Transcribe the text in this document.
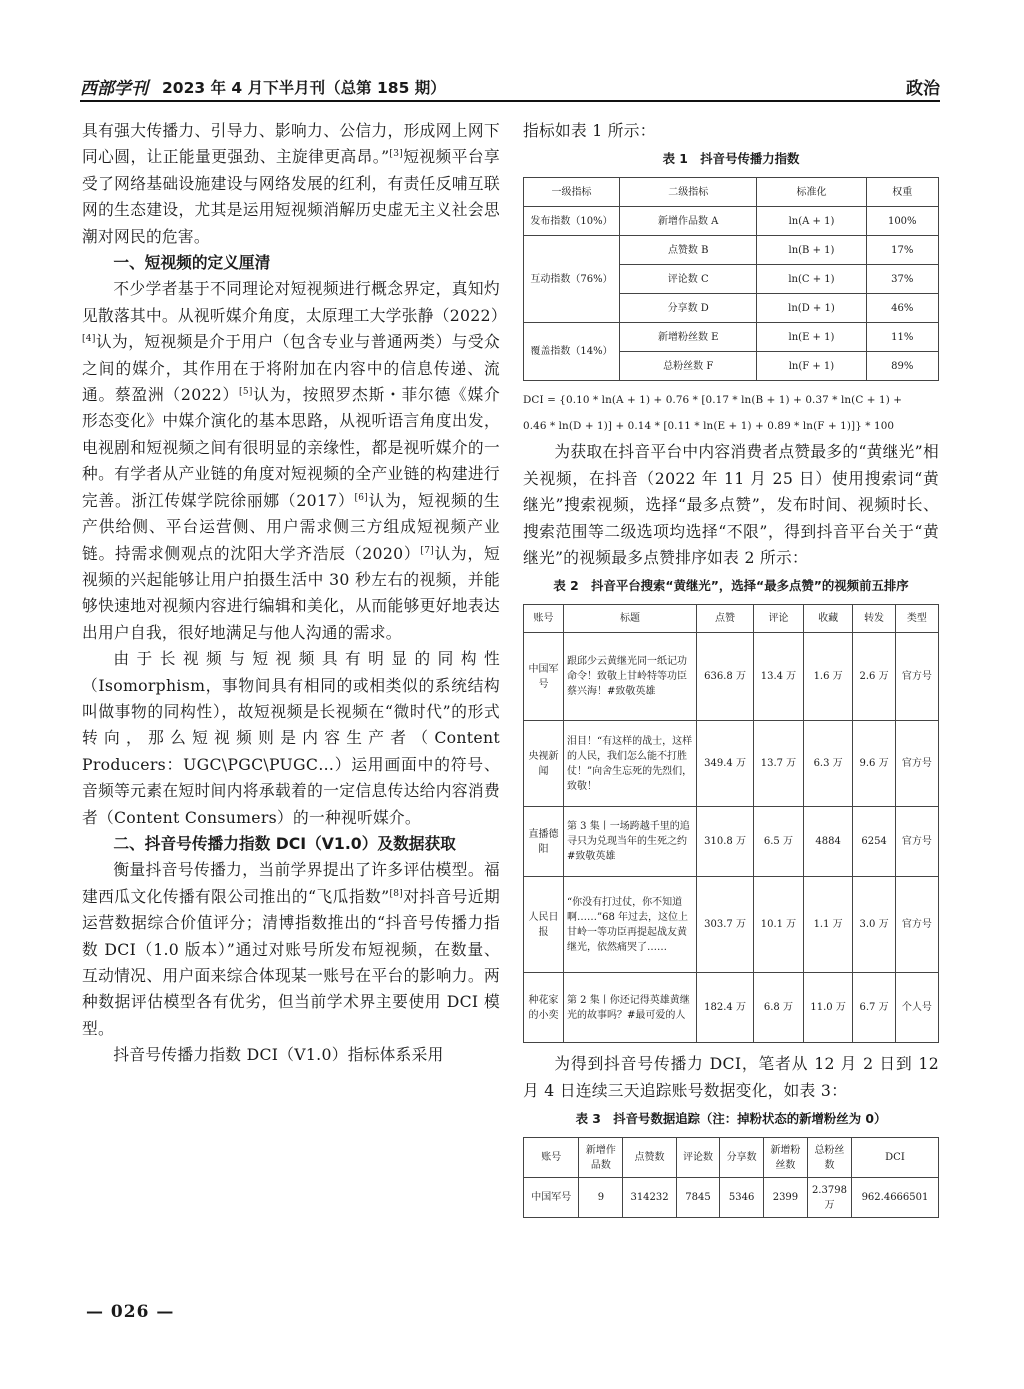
西部学刊 2023 年 4 月下半月刊（总第 185 期）	政治

具有强大传播力、引导力、影响力、公信力，形成网上网下同心圆，让正能量更强劲、主旋律更高昂。”[3]短视频平台享受了网络基础设施建设与网络发展的红利，有责任反哺互联网的生态建设，尤其是运用短视频消解历史虚无主义社会思潮对网民的危害。

一、短视频的定义厘清

不少学者基于不同理论对短视频进行概念界定，真知灼见散落其中。从视听媒介角度，太原理工大学张静（2022）[4]认为，短视频是介于用户（包含专业与普通两类）与受众之间的媒介，其作用在于将附加在内容中的信息传递、流通。蔡盈洲（2022）[5]认为，按照罗杰斯・菲尔德《媒介形态变化》中媒介演化的基本思路，从视听语言角度出发，电视剧和短视频之间有很明显的亲缘性，都是视听媒介的一种。有学者从产业链的角度对短视频的全产业链的构建进行完善。浙江传媒学院徐丽娜（2017）[6]认为，短视频的生产供给侧、平台运营侧、用户需求侧三方组成短视频产业链。持需求侧观点的沈阳大学齐浩辰（2020）[7]认为，短视频的兴起能够让用户拍摄生活中 30 秒左右的视频，并能够快速地对视频内容进行编辑和美化，从而能够更好地表达出用户自我，很好地满足与他人沟通的需求。

由于长视频与短视频具有明显的同构性（Isomorphism，事物间具有相同的或相类似的系统结构叫做事物的同构性），故短视频是长视频在“微时代”的形式转向，那么短视频则是内容生产者（Content Producers：UGC\PGC\PUGC…）运用画面中的符号、音频等元素在短时间内将承载着的一定信息传达给内容消费者（Content Consumers）的一种视听媒介。

二、抖音号传播力指数 DCI（V1.0）及数据获取

衡量抖音号传播力，当前学界提出了许多评估模型。福建西瓜文化传播有限公司推出的“飞瓜指数”[8]对抖音号近期运营数据综合价值评分；清博指数推出的“抖音号传播力指数 DCI（1.0 版本）”通过对账号所发布短视频，在数量、互动情况、用户面来综合体现某一账号在平台的影响力。两种数据评估模型各有优劣，但当前学术界主要使用 DCI 模型。

抖音号传播力指数 DCI（V1.0）指标体系采用

指标如表 1 所示：

表 1　抖音号传播力指数

一级指标	二级指标	标准化	权重
发布指数（10%）	新增作品数 A	ln(A + 1)	100%
互动指数（76%）	点赞数 B	ln(B + 1)	17%
	评论数 C	ln(C + 1)	37%
	分享数 D	ln(D + 1)	46%
覆盖指数（14%）	新增粉丝数 E	ln(E + 1)	11%
	总粉丝数 F	ln(F + 1)	89%

DCI = {0.10 * ln(A + 1) + 0.76 * [0.17 * ln(B + 1) + 0.37 * ln(C + 1) +
0.46 * ln(D + 1)] + 0.14 * [0.11 * ln(E + 1) + 0.89 * ln(F + 1)]} * 100

为获取在抖音平台中内容消费者点赞最多的“黄继光”相关视频，在抖音（2022 年 11 月 25 日）使用搜索词“黄继光”搜索视频，选择“最多点赞”，发布时间、视频时长、搜索范围等二级选项均选择“不限”，得到抖音平台关于“黄继光”的视频最多点赞排序如表 2 所示：

表 2　抖音平台搜索“黄继光”，选择“最多点赞”的视频前五排序

账号	标题	点赞	评论	收藏	转发	类型
中国军号	跟邱少云黄继光同一纸记功命令！致敬上甘岭特等功臣蔡兴海！#致敬英雄	636.8 万	13.4 万	1.6 万	2.6 万	官方号
央视新闻	泪目！“有这样的战士，这样的人民，我们怎么能不打胜仗！”向舍生忘死的先烈们，致敬！	349.4 万	13.7 万	6.3 万	9.6 万	官方号
直播德阳	第 3 集丨一场跨越千里的追寻只为兑现当年的生死之约#致敬英雄	310.8 万	6.5 万	4884	6254	官方号
人民日报	“你没有打过仗，你不知道啊……”68 年过去，这位上甘岭一等功臣再提起战友黄继光，依然痛哭了……	303.7 万	10.1 万	1.1 万	3.0 万	官方号
种花家的小奕	第 2 集丨你还记得英雄黄继光的故事吗？#最可爱的人	182.4 万	6.8 万	11.0 万	6.7 万	个人号

为得到抖音号传播力 DCI，笔者从 12 月 2 日到 12 月 4 日连续三天追踪账号数据变化，如表 3：

表 3　抖音号数据追踪（注：掉粉状态的新增粉丝为 0）

账号	新增作品数	点赞数	评论数	分享数	新增粉丝数	总粉丝数	DCI
中国军号	9	314232	7845	5346	2399	2.3798 万	962.4666501
— 026 —
